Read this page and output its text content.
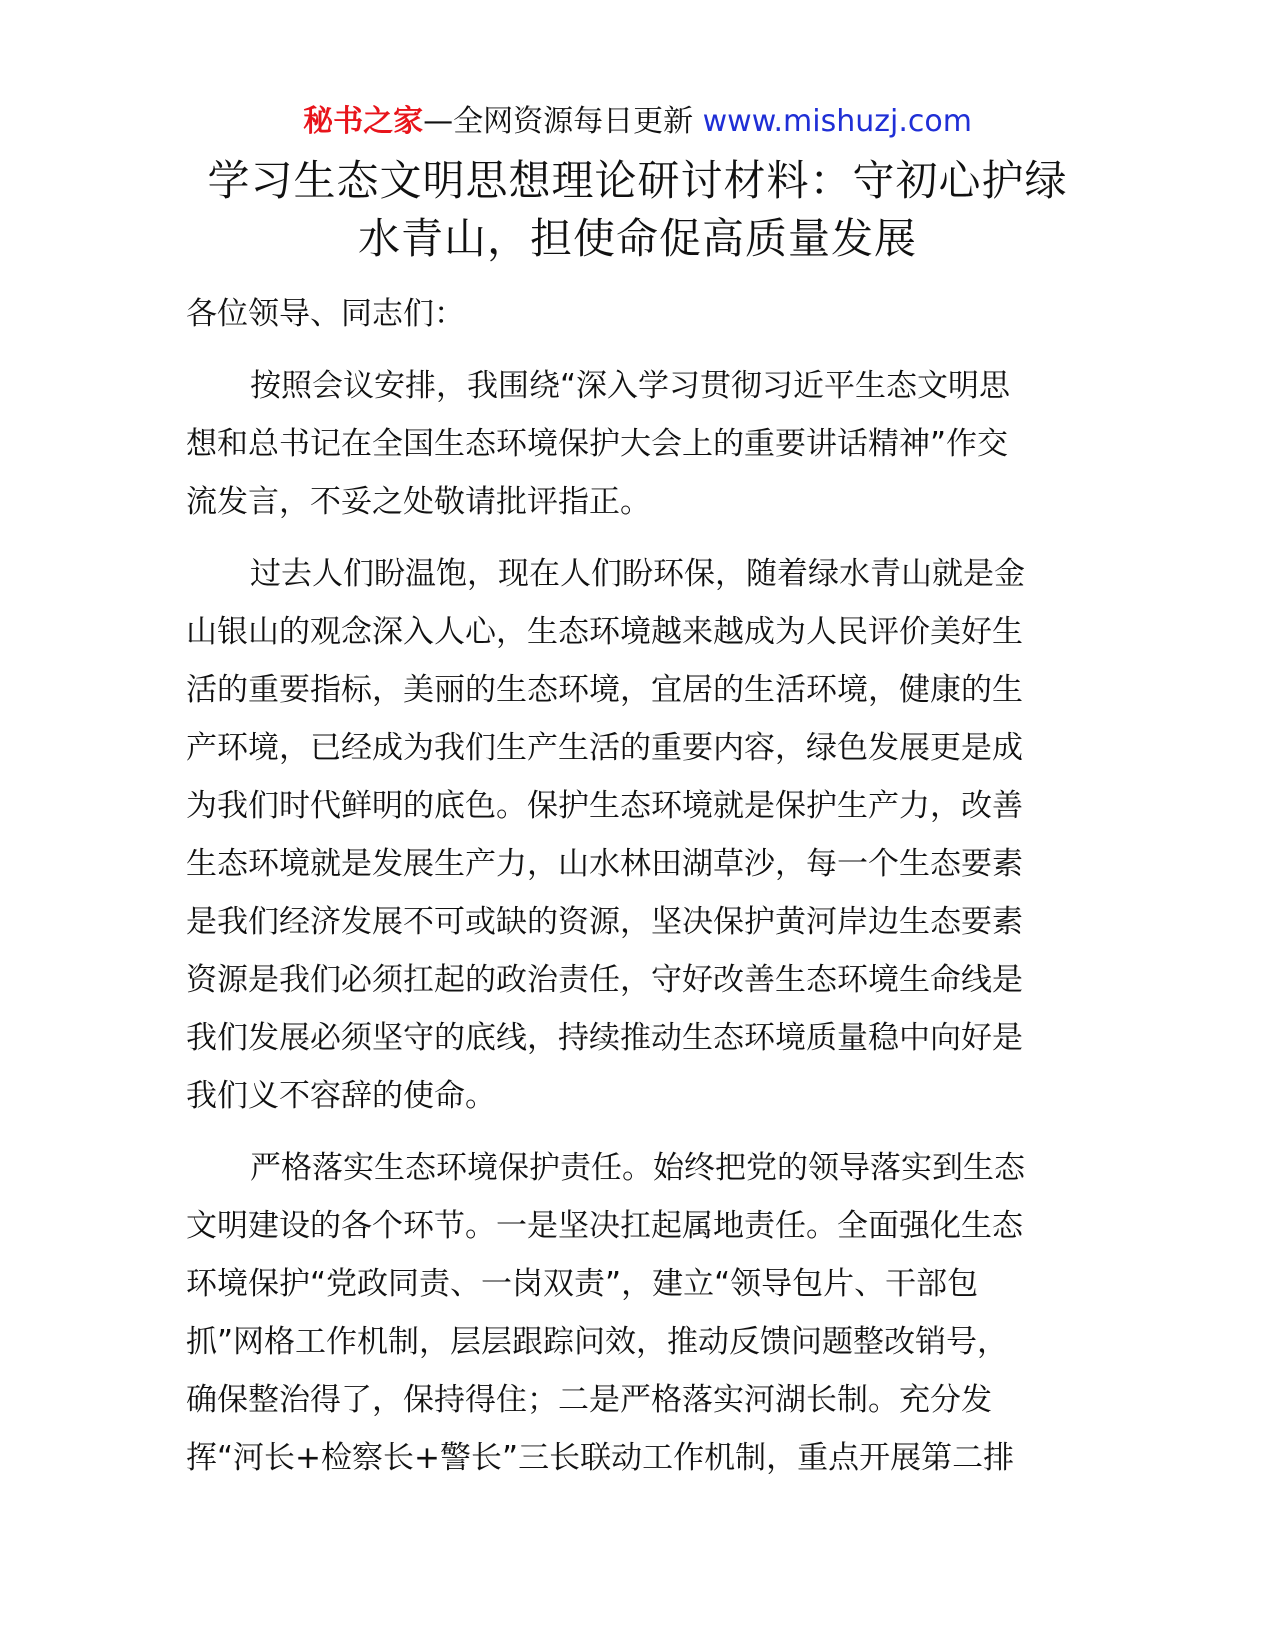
秘书之家—全网资源每日更新 www.mishuzj.com
学习生态文明思想理论研讨材料：守初心护绿
水青山，担使命促高质量发展
各位领导、同志们：
按照会议安排，我围绕“深入学习贯彻习近平生态文明思
想和总书记在全国生态环境保护大会上的重要讲话精神”作交
流发言，不妥之处敬请批评指正。
过去人们盼温饱，现在人们盼环保，随着绿水青山就是金
山银山的观念深入人心，生态环境越来越成为人民评价美好生
活的重要指标，美丽的生态环境，宜居的生活环境，健康的生
产环境，已经成为我们生产生活的重要内容，绿色发展更是成
为我们时代鲜明的底色。保护生态环境就是保护生产力，改善
生态环境就是发展生产力，山水林田湖草沙，每一个生态要素
是我们经济发展不可或缺的资源，坚决保护黄河岸边生态要素
资源是我们必须扛起的政治责任，守好改善生态环境生命线是
我们发展必须坚守的底线，持续推动生态环境质量稳中向好是
我们义不容辞的使命。
严格落实生态环境保护责任。始终把党的领导落实到生态
文明建设的各个环节。一是坚决扛起属地责任。全面强化生态
环境保护“党政同责、一岗双责”，建立“领导包片、干部包
抓”网格工作机制，层层跟踪问效，推动反馈问题整改销号，
确保整治得了，保持得住；二是严格落实河湖长制。充分发
挥“河长+检察长+警长”三长联动工作机制，重点开展第二排
